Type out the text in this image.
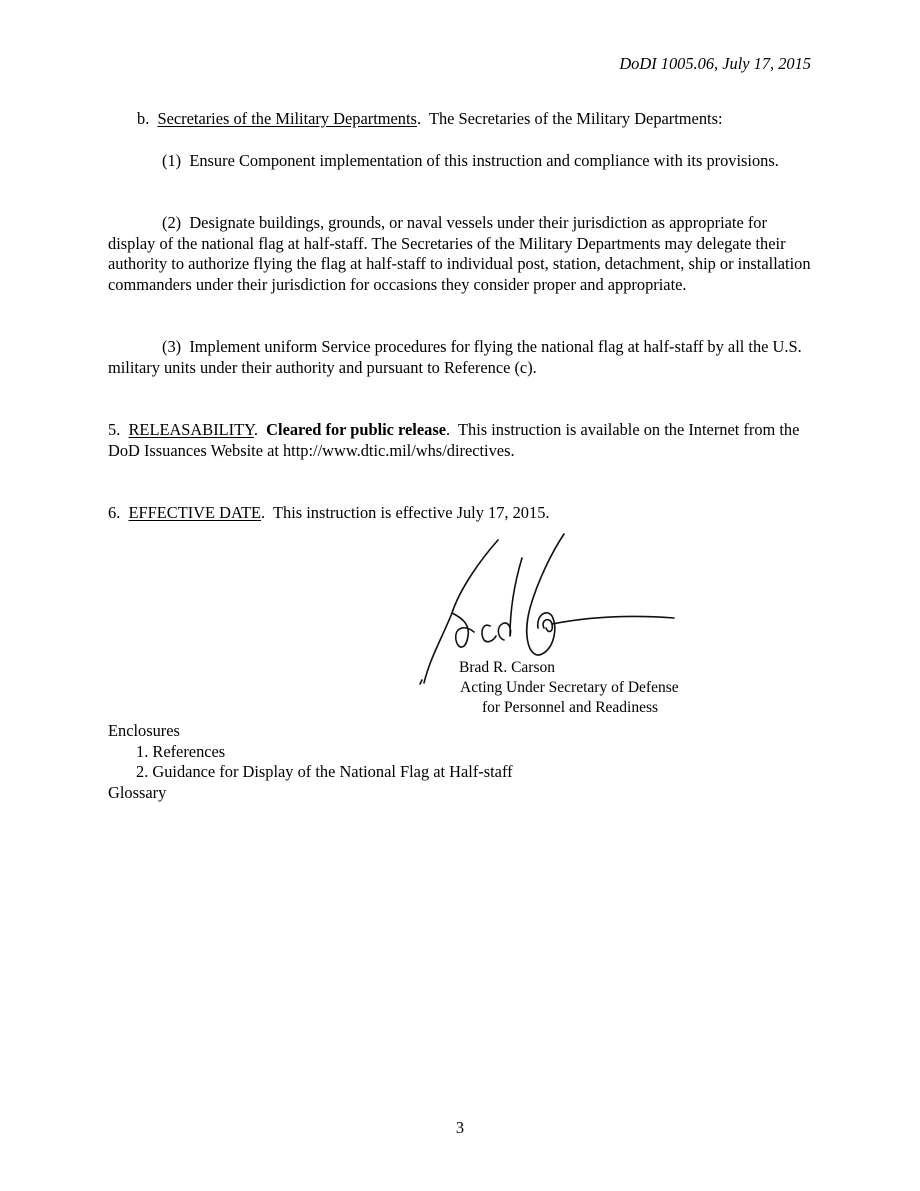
DoDI 1005.06, July 17, 2015

b. Secretaries of the Military Departments. The Secretaries of the Military Departments:

(1) Ensure Component implementation of this instruction and compliance with its provisions.

(2) Designate buildings, grounds, or naval vessels under their jurisdiction as appropriate for display of the national flag at half-staff. The Secretaries of the Military Departments may delegate their authority to authorize flying the flag at half-staff to individual post, station, detachment, ship or installation commanders under their jurisdiction for occasions they consider proper and appropriate.

(3) Implement uniform Service procedures for flying the national flag at half-staff by all the U.S. military units under their authority and pursuant to Reference (c).

5. RELEASABILITY. Cleared for public release. This instruction is available on the Internet from the DoD Issuances Website at http://www.dtic.mil/whs/directives.

6. EFFECTIVE DATE. This instruction is effective July 17, 2015.

Brad R. Carson
Acting Under Secretary of Defense
for Personnel and Readiness
Enclosures
1. References
2. Guidance for Display of the National Flag at Half-staff
Glossary
3
